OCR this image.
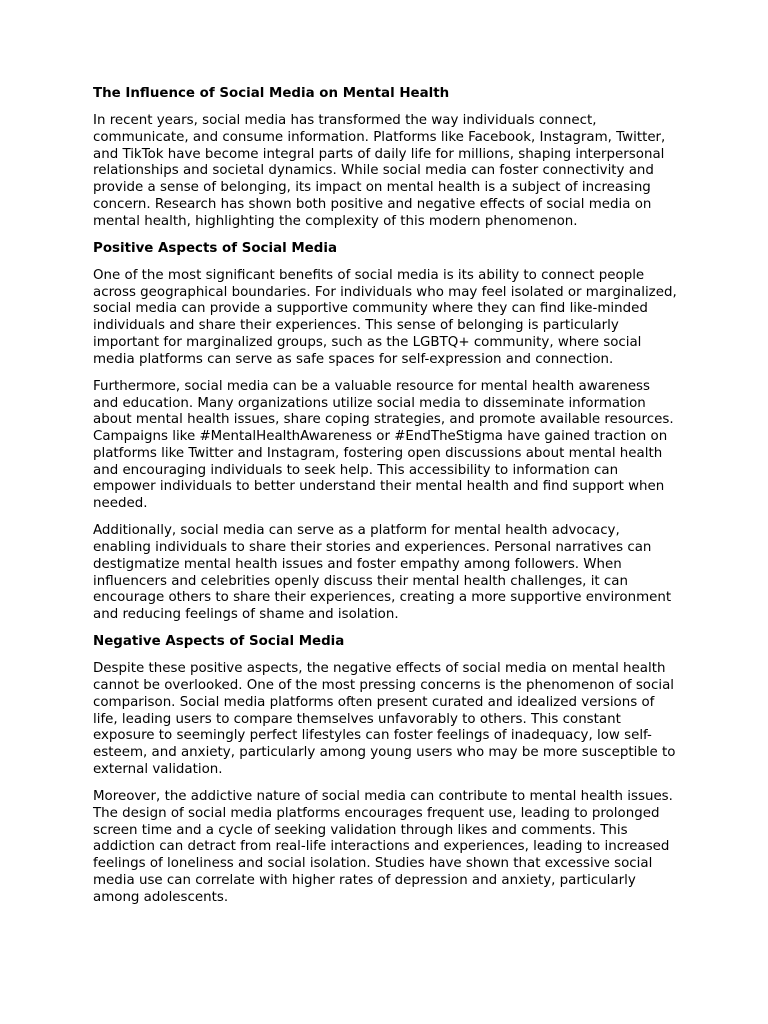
The Influence of Social Media on Mental Health

In recent years, social media has transformed the way individuals connect, communicate, and consume information. Platforms like Facebook, Instagram, Twitter, and TikTok have become integral parts of daily life for millions, shaping interpersonal relationships and societal dynamics. While social media can foster connectivity and provide a sense of belonging, its impact on mental health is a subject of increasing concern. Research has shown both positive and negative effects of social media on mental health, highlighting the complexity of this modern phenomenon.

Positive Aspects of Social Media

One of the most significant benefits of social media is its ability to connect people across geographical boundaries. For individuals who may feel isolated or marginalized, social media can provide a supportive community where they can find like-minded individuals and share their experiences. This sense of belonging is particularly important for marginalized groups, such as the LGBTQ+ community, where social media platforms can serve as safe spaces for self-expression and connection.

Furthermore, social media can be a valuable resource for mental health awareness and education. Many organizations utilize social media to disseminate information about mental health issues, share coping strategies, and promote available resources. Campaigns like #MentalHealthAwareness or #EndTheStigma have gained traction on platforms like Twitter and Instagram, fostering open discussions about mental health and encouraging individuals to seek help. This accessibility to information can empower individuals to better understand their mental health and find support when needed.

Additionally, social media can serve as a platform for mental health advocacy, enabling individuals to share their stories and experiences. Personal narratives can destigmatize mental health issues and foster empathy among followers. When influencers and celebrities openly discuss their mental health challenges, it can encourage others to share their experiences, creating a more supportive environment and reducing feelings of shame and isolation.

Negative Aspects of Social Media

Despite these positive aspects, the negative effects of social media on mental health cannot be overlooked. One of the most pressing concerns is the phenomenon of social comparison. Social media platforms often present curated and idealized versions of life, leading users to compare themselves unfavorably to others. This constant exposure to seemingly perfect lifestyles can foster feelings of inadequacy, low self-esteem, and anxiety, particularly among young users who may be more susceptible to external validation.

Moreover, the addictive nature of social media can contribute to mental health issues. The design of social media platforms encourages frequent use, leading to prolonged screen time and a cycle of seeking validation through likes and comments. This addiction can detract from real-life interactions and experiences, leading to increased feelings of loneliness and social isolation. Studies have shown that excessive social media use can correlate with higher rates of depression and anxiety, particularly among adolescents.
